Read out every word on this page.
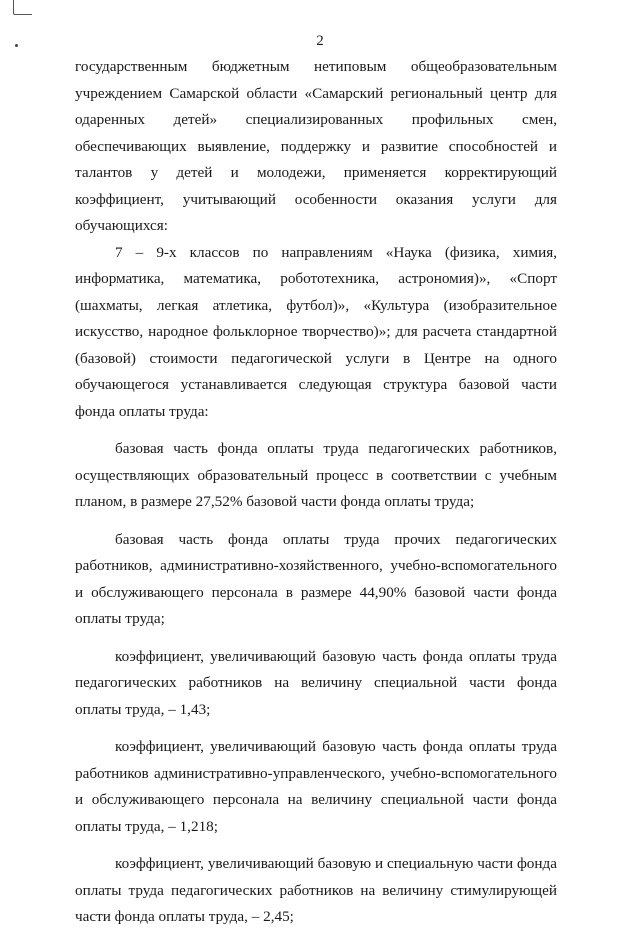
2

государственным бюджетным нетиповым общеобразовательным учреждением Самарской области «Самарский региональный центр для одаренных детей» специализированных профильных смен, обеспечивающих выявление, поддержку и развитие способностей и талантов у детей и молодежи, применяется корректирующий коэффициент, учитывающий особенности оказания услуги для обучающихся:

7 – 9-х классов по направлениям «Наука (физика, химия, информатика, математика, робототехника, астрономия)», «Спорт (шахматы, легкая атлетика, футбол)», «Культура (изобразительное искусство, народное фольклорное творчество)»; для расчета стандартной (базовой) стоимости педагогической услуги в Центре на одного обучающегося устанавливается следующая структура базовой части фонда оплаты труда:

базовая часть фонда оплаты труда педагогических работников, осуществляющих образовательный процесс в соответствии с учебным планом, в размере 27,52% базовой части фонда оплаты труда;

базовая часть фонда оплаты труда прочих педагогических работников, административно-хозяйственного, учебно-вспомогательного и обслуживающего персонала в размере 44,90% базовой части фонда оплаты труда;

коэффициент, увеличивающий базовую часть фонда оплаты труда педагогических работников на величину специальной части фонда оплаты труда, – 1,43;

коэффициент, увеличивающий базовую часть фонда оплаты труда работников административно-управленческого, учебно-вспомогательного и обслуживающего персонала на величину специальной части фонда оплаты труда, – 1,218;

коэффициент, увеличивающий базовую и специальную части фонда оплаты труда педагогических работников на величину стимулирующей части фонда оплаты труда, – 2,45;
